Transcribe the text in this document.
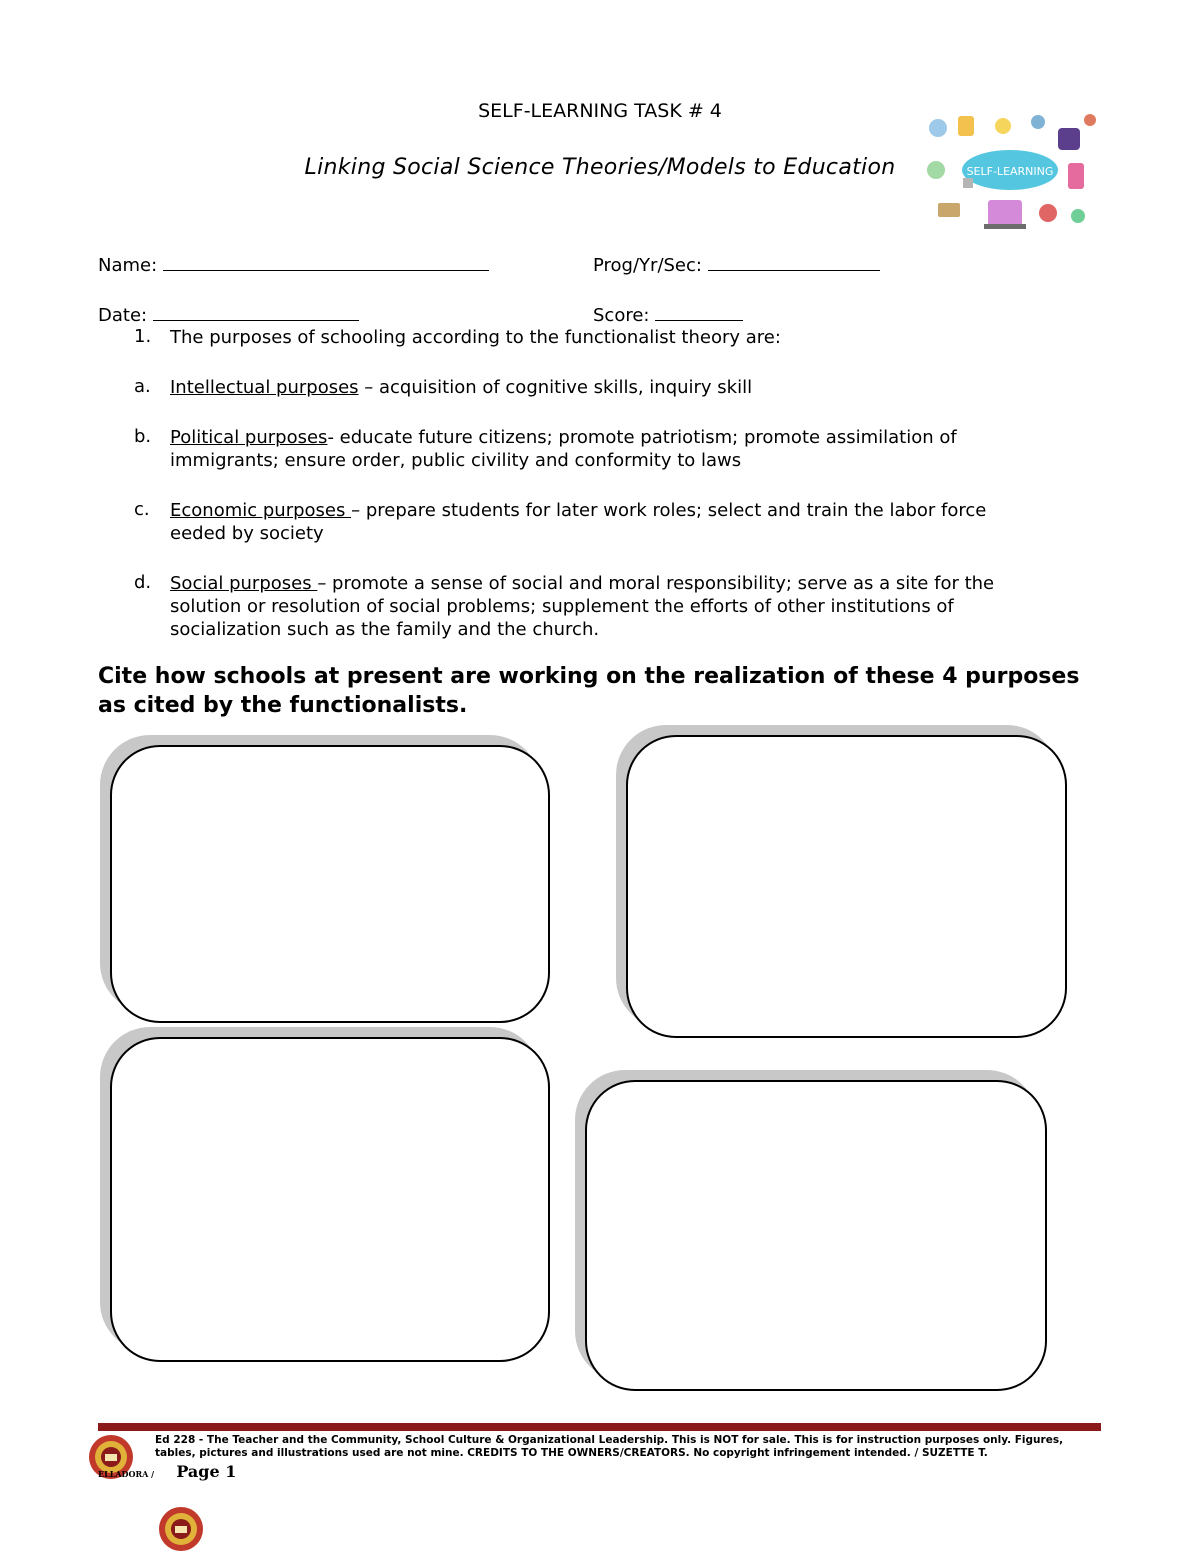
SELF-LEARNING TASK # 4
Linking Social Science Theories/Models to Education	SELF-LEARNING
Name:	Prog/Yr/Sec:
Date:	Score:
1. The purposes of schooling according to the functionalist theory are:
a. Intellectual purposes – acquisition of cognitive skills, inquiry skill
b. Political purposes- educate future citizens; promote patriotism; promote assimilation of
immigrants; ensure order, public civility and conformity to laws
c. Economic purposes – prepare students for later work roles; select and train the labor force
eeded by society
d. Social purposes – promote a sense of social and moral responsibility; serve as a site for the
solution or resolution of social problems; supplement the efforts of other institutions of
socialization such as the family and the church.
Cite how schools at present are working on the realization of these 4 purposes as cited by the functionalists.
Ed 228 - The Teacher and the Community, School Culture & Organizational Leadership. This is NOT for sale. This is for instruction purposes only. Figures, tables, pictures and illustrations used are not mine. CREDITS TO THE OWNERS/CREATORS. No copyright infringement intended. / SUZETTE T.
ELLADORA / Page 1
